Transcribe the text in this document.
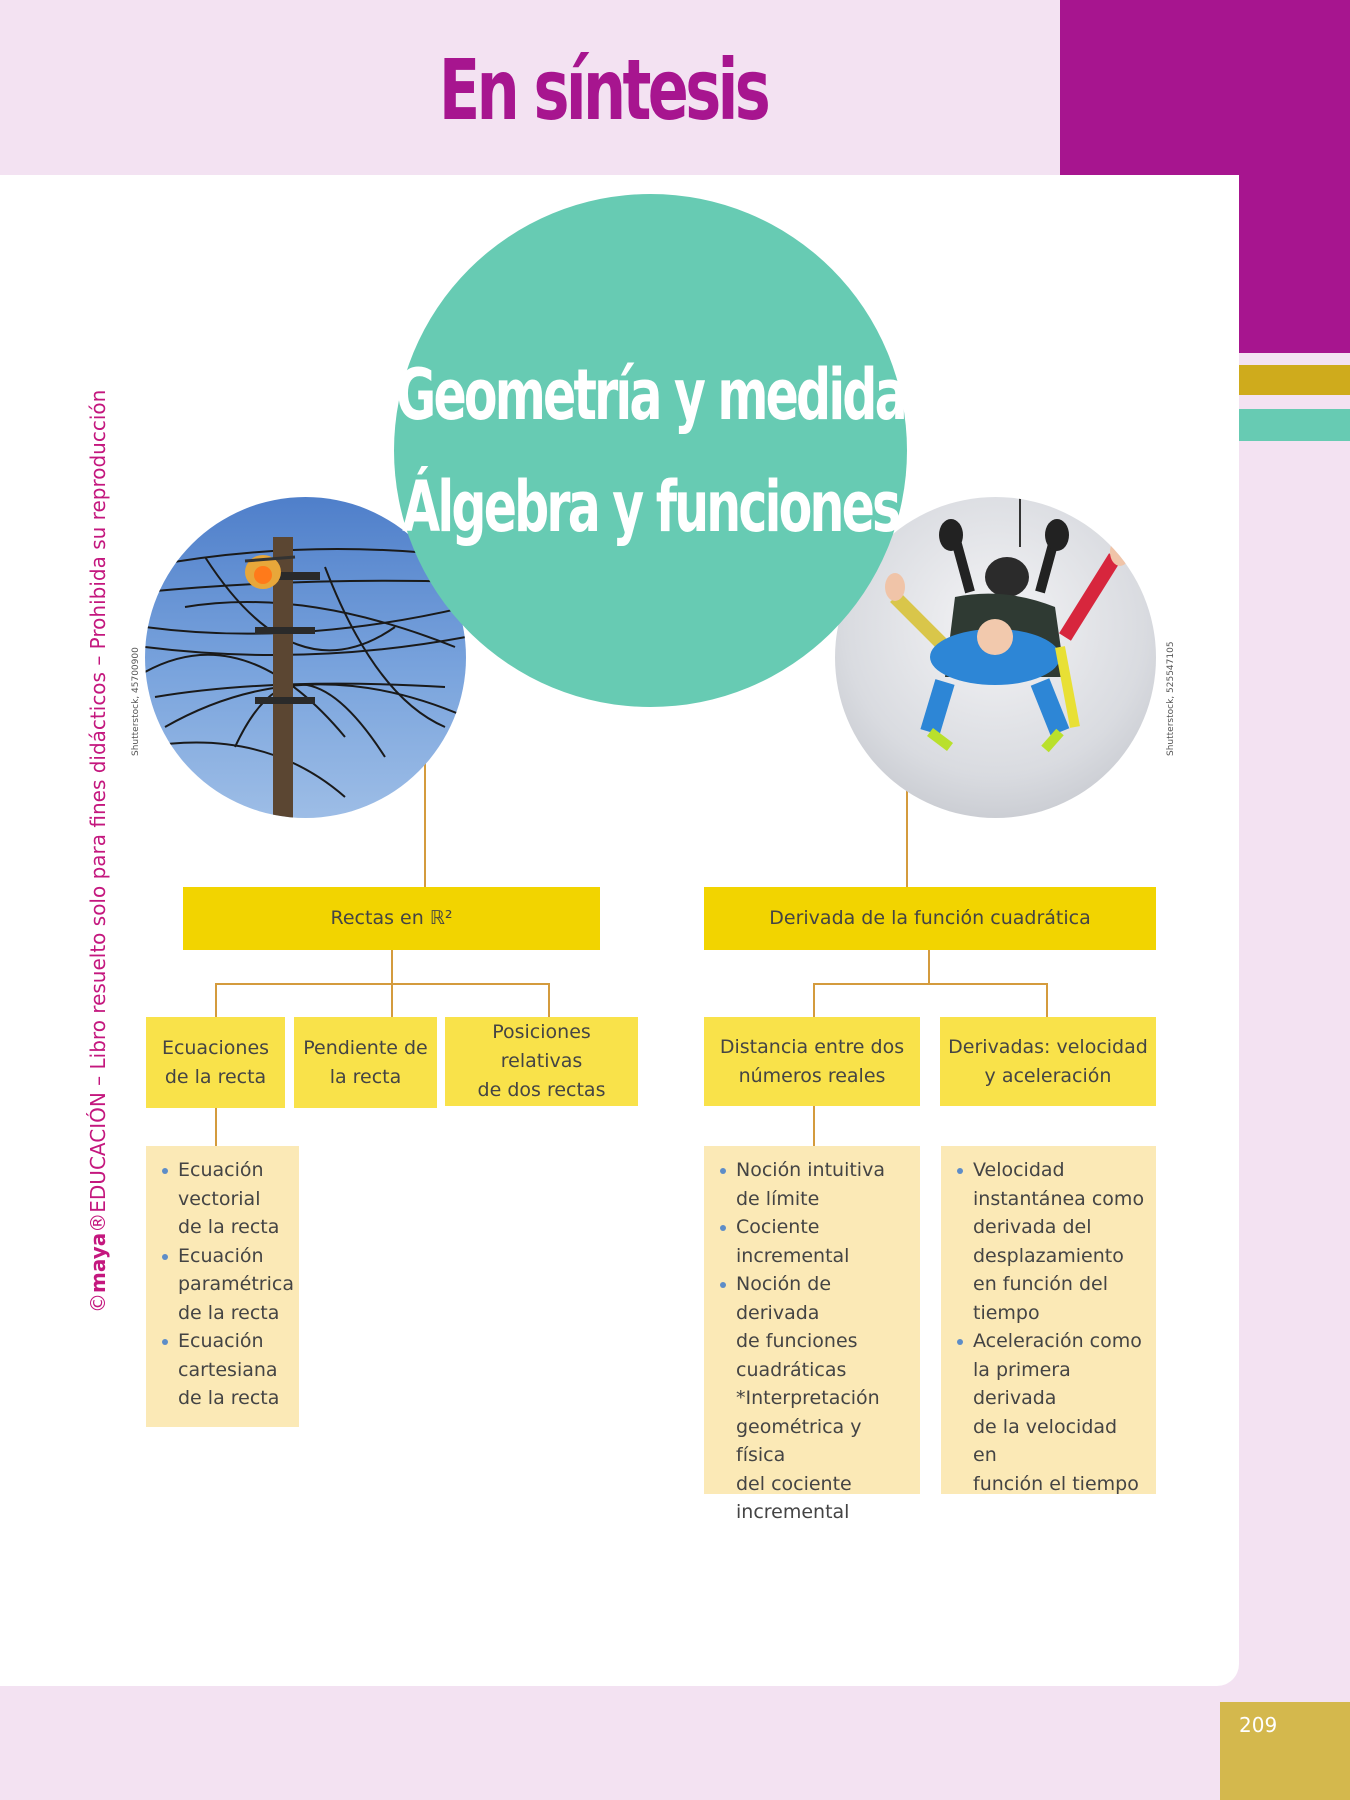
En síntesis
©maya®EDUCACIÓN – Libro resuelto solo para fines didácticos – Prohibida su reproducción Shutterstock, 45700900	Shutterstock, 525547105
Geometría y medida
Álgebra y funciones
Rectas en ℝ²
Ecuaciones
de la recta
Pendiente de
la recta
Posiciones relativas
de dos rectas
Ecuación
vectorial
de la recta
Ecuación
paramétrica
de la recta
Ecuación
cartesiana
de la recta
Derivada de la función cuadrática
Distancia entre dos
números reales
Derivadas: velocidad
y aceleración
Noción intuitiva
de límite
Cociente
incremental
Noción de derivada
de funciones
cuadráticas
*Interpretación
geométrica y física
del cociente
incremental
Velocidad
instantánea como
derivada del
desplazamiento
en función del
tiempo
Aceleración como
la primera derivada
de la velocidad en
función el tiempo
209
